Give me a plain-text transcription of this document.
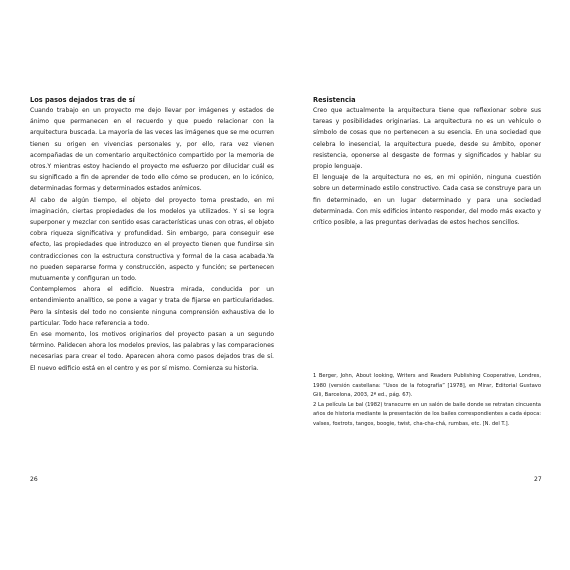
Los pasos dejados tras de sí

Cuando trabajo en un proyecto me dejo llevar por imágenes y estados de ánimo que permanecen en el recuerdo y que puedo relacionar con la arquitectura buscada. La mayoría de las veces las imágenes que se me ocurren tienen su origen en vivencias personales y, por ello, rara vez vienen acompañadas de un comentario arquitectónico compartido por la memoria de otros.Y mientras estoy haciendo el proyecto me esfuerzo por dilucidar cuál es su significado a fin de aprender de todo ello cómo se producen, en lo icónico, determinadas formas y determinados estados anímicos.

Al cabo de algún tiempo, el objeto del proyecto toma prestado, en mi imaginación, ciertas propiedades de los modelos ya utilizados. Y si se logra superponer y mezclar con sentido esas características unas con otras, el objeto cobra riqueza significativa y profundidad. Sin embargo, para conseguir ese efecto, las propiedades que introduzco en el proyecto tienen que fundirse sin contradicciones con la estructura constructiva y formal de la casa acabada.Ya no pueden separarse forma y construcción, aspecto y función; se pertenecen mutuamente y configuran un todo.

Contemplemos ahora el edificio. Nuestra mirada, conducida por un entendimiento analítico, se pone a vagar y trata de fijarse en particularidades. Pero la síntesis del todo no consiente ninguna comprensión exhaustiva de lo particular. Todo hace referencia a todo.

En ese momento, los motivos originarios del proyecto pasan a un segundo término. Palidecen ahora los modelos previos, las palabras y las comparaciones necesarias para crear el todo. Aparecen ahora como pasos dejados tras de sí. El nuevo edificio está en el centro y es por sí mismo. Comienza su historia.

Resistencia

Creo que actualmente la arquitectura tiene que reflexionar sobre sus tareas y posibilidades originarias. La arquitectura no es un vehículo o símbolo de cosas que no pertenecen a su esencia. En una sociedad que celebra lo inesencial, la arquitectura puede, desde su ámbito, oponer resistencia, oponerse al desgaste de formas y significados y hablar su propio lenguaje.

El lenguaje de la arquitectura no es, en mi opinión, ninguna cuestión sobre un determinado estilo constructivo. Cada casa se construye para un fin determinado, en un lugar determinado y para una sociedad determinada. Con mis edificios intento responder, del modo más exacto y crítico posible, a las preguntas derivadas de estos hechos sencillos.

1 Berger, John, About looking, Writers and Readers Publishing Cooperative, Londres, 1980 (versión castellana: “Usos de la fotografía” [1978], en Mirar, Editorial Gustavo Gili, Barcelona, 2003, 2ª ed., pág. 67).

2 La película Le bal (1982) transcurre en un salón de baile donde se retratan cincuenta años de historia mediante la presentación de los bailes correspondientes a cada época: valses, foxtrots, tangos, boogie, twist, cha-cha-chá, rumbas, etc. [N. del T.].

26	27
